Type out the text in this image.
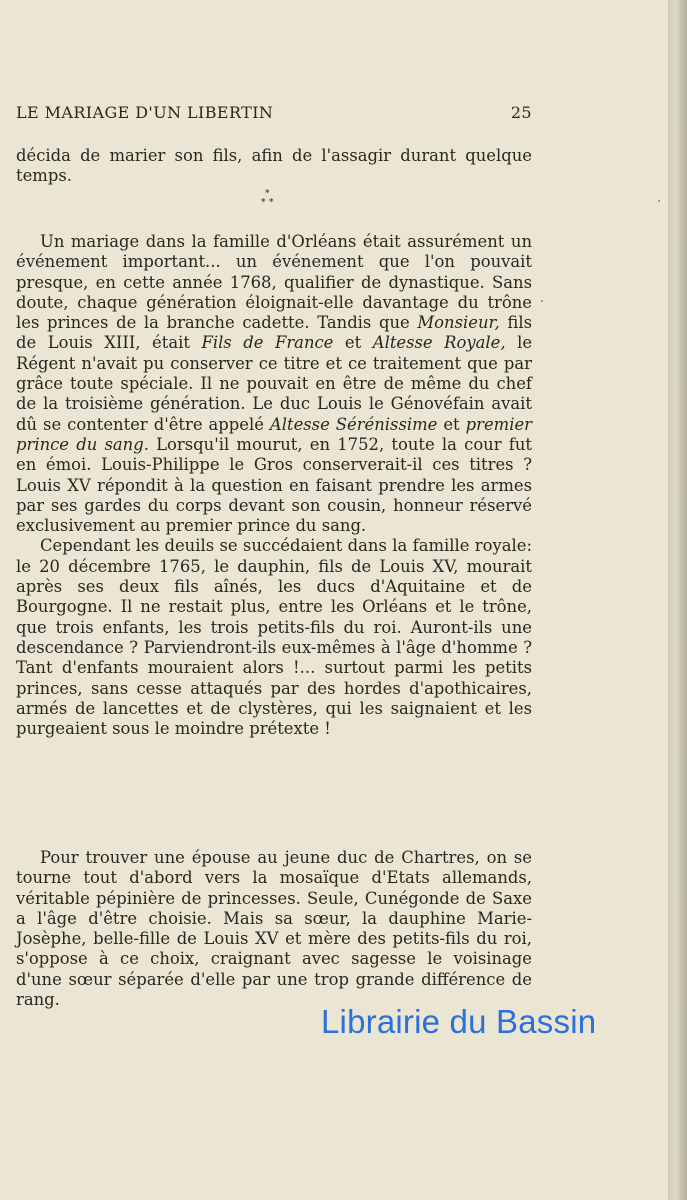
LE MARIAGE D'UN LIBERTIN	25

décida de marier son fils, afin de l'assagir durant quelque temps.

*
* *

Un mariage dans la famille d'Orléans était assurément un événement important... un événement que l'on pouvait presque, en cette année 1768, qualifier de dynastique. Sans doute, chaque génération éloignait-elle davantage du trône les princes de la branche cadette. Tandis que Monsieur, fils de Louis XIII, était Fils de France et Altesse Royale, le Régent n'avait pu conserver ce titre et ce traitement que par grâce toute spéciale. Il ne pouvait en être de même du chef de la troisième génération. Le duc Louis le Génovéfain avait dû se contenter d'être appelé Altesse Sérénissime et premier prince du sang. Lorsqu'il mourut, en 1752, toute la cour fut en émoi. Louis-Philippe le Gros conserverait-il ces titres ? Louis XV répondit à la question en faisant prendre les armes par ses gardes du corps devant son cousin, honneur réservé exclusivement au premier prince du sang.

Cependant les deuils se succédaient dans la famille royale: le 20 décembre 1765, le dauphin, fils de Louis XV, mourait après ses deux fils aînés, les ducs d'Aquitaine et de Bourgogne. Il ne restait plus, entre les Orléans et le trône, que trois enfants, les trois petits-fils du roi. Auront-ils une descendance ? Parviendront-ils eux-mêmes à l'âge d'homme ? Tant d'enfants mouraient alors !... surtout parmi les petits princes, sans cesse attaqués par des hordes d'apothicaires, armés de lancettes et de clystères, qui les saignaient et les purgeaient sous le moindre prétexte !

Pour trouver une épouse au jeune duc de Chartres, on se tourne tout d'abord vers la mosaïque d'Etats allemands, véritable pépinière de princesses. Seule, Cunégonde de Saxe a l'âge d'être choisie. Mais sa sœur, la dauphine Marie-Josèphe, belle-fille de Louis XV et mère des petits-fils du roi, s'oppose à ce choix, craignant avec sagesse le voisinage d'une sœur séparée d'elle par une trop grande différence de rang.

Librairie du Bassin
